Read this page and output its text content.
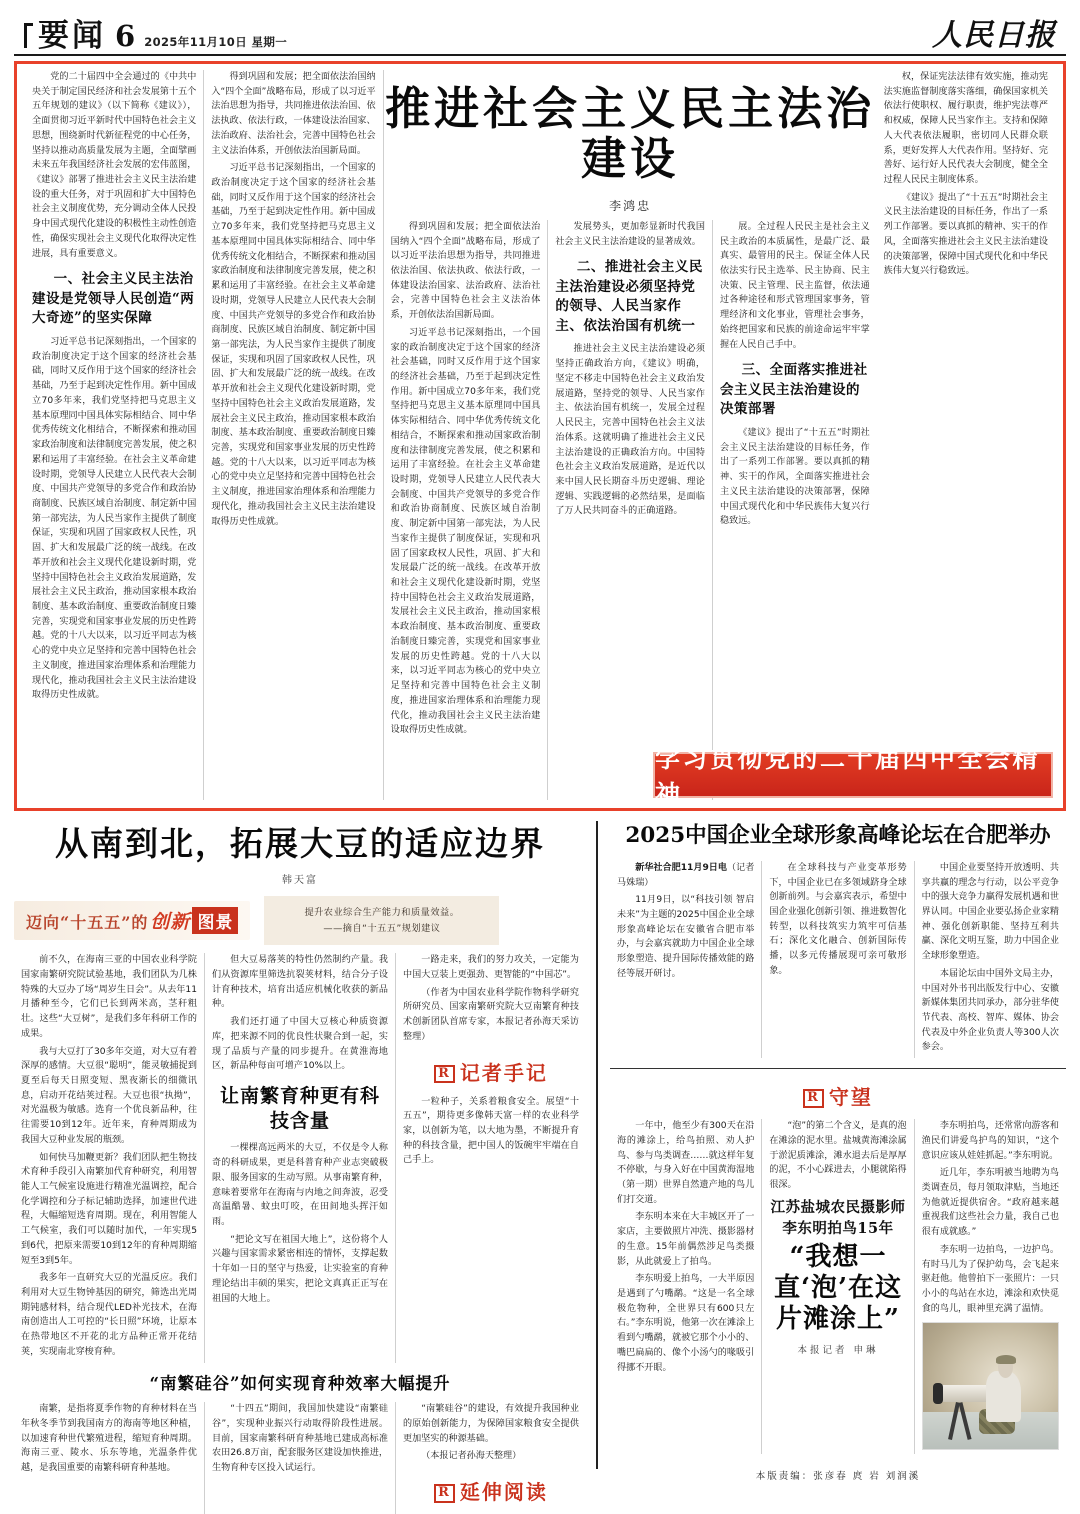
要闻 6 2025年11月10日 星期一	人民日报

党的二十届四中全会通过的《中共中央关于制定国民经济和社会发展第十五个五年规划的建议》（以下简称《建议》），全面贯彻习近平新时代中国特色社会主义思想，围绕新时代新征程党的中心任务，坚持以推动高质量发展为主题，全面擘画未来五年我国经济社会发展的宏伟蓝图，《建议》部署了推进社会主义民主法治建设的重大任务，对于巩固和扩大中国特色社会主义制度优势，充分调动全体人民投身中国式现代化建设的积极性主动性创造性，确保实现社会主义现代化取得决定性进展，具有重要意义。

一、社会主义民主法治建设是党领导人民创造“两大奇迹”的坚实保障

习近平总书记深刻指出，一个国家的政治制度决定于这个国家的经济社会基础，同时又反作用于这个国家的经济社会基础，乃至于起到决定性作用。新中国成立70多年来，我们党坚持把马克思主义基本原理同中国具体实际相结合、同中华优秀传统文化相结合，不断探索和推动国家政治制度和法律制度完善发展，使之积累和运用了丰富经验。在社会主义革命建设时期，党领导人民建立人民代表大会制度、中国共产党领导的多党合作和政治协商制度、民族区域自治制度、制定新中国第一部宪法，为人民当家作主提供了制度保证，实现和巩固了国家政权人民性，巩固、扩大和发展最广泛的统一战线。在改革开放和社会主义现代化建设新时期，党坚持中国特色社会主义政治发展道路，发展社会主义民主政治，推动国家根本政治制度、基本政治制度、重要政治制度日臻完善，实现党和国家事业发展的历史性跨越。党的十八大以来，以习近平同志为核心的党中央立足坚持和完善中国特色社会主义制度，推进国家治理体系和治理能力现代化，推动我国社会主义民主法治建设取得历史性成就。

得到巩固和发展；把全面依法治国纳入“四个全面”战略布局，形成了以习近平法治思想为指导，共同推进依法治国、依法执政、依法行政，一体建设法治国家、法治政府、法治社会，完善中国特色社会主义法治体系，开创依法治国新局面。

习近平总书记深刻指出，一个国家的政治制度决定于这个国家的经济社会基础，同时又反作用于这个国家的经济社会基础，乃至于起到决定性作用。新中国成立70多年来，我们党坚持把马克思主义基本原理同中国具体实际相结合、同中华优秀传统文化相结合，不断探索和推动国家政治制度和法律制度完善发展，使之积累和运用了丰富经验。在社会主义革命建设时期，党领导人民建立人民代表大会制度、中国共产党领导的多党合作和政治协商制度、民族区域自治制度、制定新中国第一部宪法，为人民当家作主提供了制度保证，实现和巩固了国家政权人民性，巩固、扩大和发展最广泛的统一战线。在改革开放和社会主义现代化建设新时期，党坚持中国特色社会主义政治发展道路，发展社会主义民主政治，推动国家根本政治制度、基本政治制度、重要政治制度日臻完善，实现党和国家事业发展的历史性跨越。党的十八大以来，以习近平同志为核心的党中央立足坚持和完善中国特色社会主义制度，推进国家治理体系和治理能力现代化，推动我国社会主义民主法治建设取得历史性成就。

推进社会主义民主法治建设
李鸿忠

得到巩固和发展；把全面依法治国纳入“四个全面”战略布局，形成了以习近平法治思想为指导，共同推进依法治国、依法执政、依法行政，一体建设法治国家、法治政府、法治社会，完善中国特色社会主义法治体系，开创依法治国新局面。

习近平总书记深刻指出，一个国家的政治制度决定于这个国家的经济社会基础，同时又反作用于这个国家的经济社会基础，乃至于起到决定性作用。新中国成立70多年来，我们党坚持把马克思主义基本原理同中国具体实际相结合、同中华优秀传统文化相结合，不断探索和推动国家政治制度和法律制度完善发展，使之积累和运用了丰富经验。在社会主义革命建设时期，党领导人民建立人民代表大会制度、中国共产党领导的多党合作和政治协商制度、民族区域自治制度、制定新中国第一部宪法，为人民当家作主提供了制度保证，实现和巩固了国家政权人民性，巩固、扩大和发展最广泛的统一战线。在改革开放和社会主义现代化建设新时期，党坚持中国特色社会主义政治发展道路，发展社会主义民主政治，推动国家根本政治制度、基本政治制度、重要政治制度日臻完善，实现党和国家事业发展的历史性跨越。党的十八大以来，以习近平同志为核心的党中央立足坚持和完善中国特色社会主义制度，推进国家治理体系和治理能力现代化，推动我国社会主义民主法治建设取得历史性成就。

发展势头，更加彰显新时代我国社会主义民主法治建设的显著成效。

二、推进社会主义民主法治建设必须坚持党的领导、人民当家作主、依法治国有机统一

推进社会主义民主法治建设必须坚持正确政治方向，《建议》明确，坚定不移走中国特色社会主义政治发展道路，坚持党的领导、人民当家作主、依法治国有机统一，发展全过程人民民主，完善中国特色社会主义法治体系。这就明确了推进社会主义民主法治建设的正确政治方向。中国特色社会主义政治发展道路，是近代以来中国人民长期奋斗历史逻辑、理论逻辑、实践逻辑的必然结果，是面临了万人民共同奋斗的正确道路。

展。全过程人民民主是社会主义民主政治的本质属性，是最广泛、最真实、最管用的民主。保证全体人民依法实行民主选举、民主协商、民主决策、民主管理、民主监督，依法通过各种途径和形式管理国家事务，管理经济和文化事业，管理社会事务，始终把国家和民族的前途命运牢牢掌握在人民自己手中。

三、全面落实推进社会主义民主法治建设的决策部署

《建议》提出了“十五五”时期社会主义民主法治建设的目标任务，作出了一系列工作部署。要以真抓的精神、实干的作风，全面落实推进社会主义民主法治建设的决策部署，保障中国式现代化和中华民族伟大复兴行稳致远。

权，保证宪法法律有效实施，推动宪法实施监督制度落实落细，确保国家机关依法行使职权、履行职责，维护宪法尊严和权威，保障人民当家作主。支持和保障人大代表依法履职，密切同人民群众联系，更好发挥人大代表作用。坚持好、完善好、运行好人民代表大会制度，健全全过程人民民主制度体系。

《建议》提出了“十五五”时期社会主义民主法治建设的目标任务，作出了一系列工作部署。要以真抓的精神、实干的作风，全面落实推进社会主义民主法治建设的决策部署，保障中国式现代化和中华民族伟大复兴行稳致远。

学习贯彻党的二十届四中全会精神
从南到北，拓展大豆的适应边界
韩天富
迈向“十五五”的 创新 图景
提升农业综合生产能力和质量效益。
——摘自“十五五”规划建议

前不久，在海南三亚的中国农业科学院国家南繁研究院试验基地，我们团队为几株特殊的大豆办了场“周岁生日会”。从去年11月播种至今，它们已长到两米高，茎秆粗壮。这些“大豆树”，是我们多年科研工作的成果。

我与大豆打了30多年交道，对大豆有着深厚的感情。大豆很“聪明”，能灵敏捕捉到夏至后每天日照变短、黑夜渐长的细微讯息，启动开花结荚过程。大豆也很“执拗”，对光温极为敏感。选育一个优良新品种，往往需要10到12年。近年来，育种周期成为我国大豆种业发展的瓶颈。

如何快马加鞭更新？我们团队把生物技术育种手段引入南繁加代育种研究，利用智能人工气候室设施进行精准光温调控，配合化学调控和分子标记辅助选择，加速世代进程，大幅缩短选育周期。现在，利用智能人工气候室，我们可以随时加代，一年实现5到6代，把原来需要10到12年的育种周期缩短至3到5年。

我多年一直研究大豆的光温反应。我们利用对大豆生物钟基因的研究，筛选出光周期钝感材料，结合现代LED补光技术，在海南创造出人工可控的“长日照”环境，让原本在热带地区不开花的北方品种正常开花结荚，实现南北穿梭育种。

但大豆易落荚的特性仍然制约产量。我们从资源库里筛选抗裂荚材料，结合分子设计育种技术，培育出适应机械化收获的新品种。

我们还打通了中国大豆核心种质资源库，把来源不同的优良性状聚合到一起，实现了品质与产量的同步提升。在黄淮海地区，新品种每亩可增产10%以上。

让南繁育种更有科技含量

一棵棵高远两米的大豆，不仅是令人称奇的科研成果，更是科普育种产业志突破极限、服务国家的生动写照。从事南繁育种，意味着要常年在海南与内地之间奔波，忍受高温酷暑、蚊虫叮咬，在田间地头挥汗如雨。

“把论文写在祖国大地上”，这份将个人兴趣与国家需求紧密相连的情怀，支撑起数十年如一日的坚守与热爱，让实验室的育种理论结出丰硕的果实，把论文真真正正写在祖国的大地上。

一路走来，我们的努力攻关，一定能为中国大豆装上更强劲、更智能的“中国芯”。

（作者为中国农业科学院作物科学研究所研究员、国家南繁研究院大豆南繁育种技术创新团队首席专家，本报记者孙海天采访整理）

R 记者手记

一粒种子，关系着粮食安全。展望“十五五”，期待更多像韩天富一样的农业科学家，以创新为笔，以大地为墨，不断提升育种的科技含量，把中国人的饭碗牢牢端在自己手上。

“南繁硅谷”如何实现育种效率大幅提升

南繁，是指将夏季作物的育种材料在当年秋冬季节到我国南方的海南等地区种植，以加速育种世代繁殖进程，缩短育种周期。海南三亚、陵水、乐东等地，光温条件优越，是我国重要的南繁科研育种基地。

“十四五”期间，我国加快建设“南繁硅谷”，实现种业振兴行动取得阶段性进展。目前，国家南繁科研育种基地已建成高标准农田26.8万亩，配套服务区建设加快推进，生物育种专区投入试运行。

“南繁硅谷”的建设，有效提升我国种业的原始创新能力，为保障国家粮食安全提供更加坚实的种源基础。

（本报记者孙海天整理）

R 延伸阅读
2025中国企业全球形象高峰论坛在合肥举办

新华社合肥11月9日电（记者马姝瑞）

11月9日，以“科技引领 智启未来”为主题的2025中国企业全球形象高峰论坛在安徽省合肥市举办，与会嘉宾就助力中国企业全球形象塑造、提升国际传播效能的路径等展开研讨。

在全球科技与产业变革形势下，中国企业已在多领域跻身全球创新前列。与会嘉宾表示，希望中国企业强化创新引领、推进数智化转型，以科技筑实力筑牢可信基石；深化文化融合、创新国际传播，以多元传播展现可亲可敬形象。

中国企业要坚持开放透明、共享共赢的理念与行动，以公平竞争中的强大竞争力赢得发展机遇和世界认同。中国企业要弘扬企业家精神、强化创新职能、坚持互利共赢、深化文明互鉴，助力中国企业全球形象塑造。

本届论坛由中国外文局主办，中国对外书刊出版发行中心、安徽新媒体集团共同承办，部分驻华使节代表、高校、智库、媒体、协会代表及中外企业负责人等300人次参会。

R 守望

一年中，他至少有300天在沿海的滩涂上，给鸟拍照、劝人护鸟、参与鸟类调查……就这样年复不停歇，与身入好在中国黄海湿地（第一期）世界自然遗产地的鸟儿们打交道。

李东明本来在大丰城区开了一家店，主要做照片冲洗、摄影器材的生意。15年前偶然涉足鸟类摄影，从此就爱上了拍鸟。

李东明爱上拍鸟，一大半原因是遇到了勺嘴鹬。“这是一名全球极危物种，全世界只有600只左右。”李东明说，他第一次在滩涂上看到勺嘴鹬，就被它那个小小的、嘴巴扁扁的、像个小汤勺的喙吸引得挪不开眼。

“泡”的第二个含义，是真的泡在滩涂的泥水里。盐城黄海滩涂属于淤泥质滩涂，滩水退去后是厚厚的泥，不小心踩进去，小腿就陷得很深。

江苏盐城农民摄影师李东明拍鸟15年
“我想一直‘泡’在这片滩涂上”
本报记者 申琳

李东明拍鸟，还常常向游客和渔民们讲爱鸟护鸟的知识，“这个意识应该从娃娃抓起。”李东明说。

近几年，李东明被当地聘为鸟类调查员，每月领取津贴，当地还为他就近提供宿舍。“政府越来越重视我们这些社会力量，我自己也很有成就感。”

李东明一边拍鸟，一边护鸟。有时马儿为了保护幼鸟，会飞起来驱赶他。他曾拍下一张照片：一只小小的鸟站在水边，滩涂和欢快觅食的鸟儿，眼神里充满了温情。

本版责编：张彦春 庹 岩 刘润溪
